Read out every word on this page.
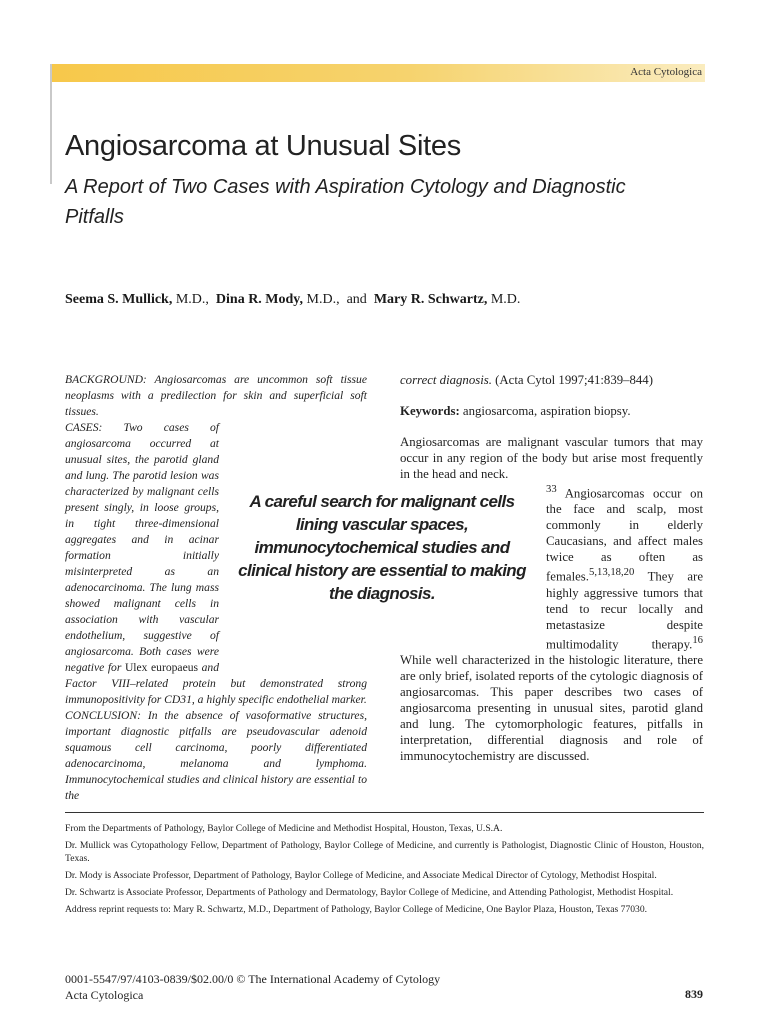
Acta Cytologica
Angiosarcoma at Unusual Sites
A Report of Two Cases with Aspiration Cytology and Diagnostic Pitfalls
Seema S. Mullick, M.D., Dina R. Mody, M.D., and Mary R. Schwartz, M.D.

BACKGROUND: Angiosarcomas are uncommon soft tissue neoplasms with a predilection for skin and superficial soft tissues.

CASES: Two cases of angiosarcoma occurred at unusual sites, the parotid gland and lung. The parotid lesion was characterized by malignant cells present singly, in loose groups, in tight three-dimensional aggregates and in acinar formation initially misinterpreted as an adenocarcinoma. The lung mass showed malignant cells in association with vascular endothelium, suggestive of angiosarcoma. Both cases were negative for Ulex europaeus and Factor VIII–related protein but demonstrated strong immunopositivity for CD31, a highly specific endothelial marker.

CONCLUSION: In the absence of vasoformative structures, important diagnostic pitfalls are pseudovascular adenoid squamous cell carcinoma, poorly differentiated adenocarcinoma, melanoma and lymphoma. Immunocytochemical studies and clinical history are essential to the

A careful search for malignant cells
lining vascular spaces,
immunocytochemical studies and
clinical history are essential to making
the diagnosis.

correct diagnosis. (Acta Cytol 1997;41:839–844)

Keywords: angiosarcoma, aspiration biopsy.

Angiosarcomas are malignant vascular tumors that may occur in any region of the body but arise most frequently in the head and neck.

$^{33}$ Angiosarcomas occur on the face and scalp, most commonly in elderly Caucasians, and affect males twice as often as females.$^{5,13,18,20}$ They are highly aggressive tumors that tend to recur locally and metastasize despite multimodality therapy.$^{16}$ While well characterized in the histologic literature, there are only brief, isolated reports of the cytologic diagnosis of angiosarcomas. This paper describes two cases of angiosarcoma presenting in unusual sites, parotid gland and lung. The cytomorphologic features, pitfalls in interpretation, differential diagnosis and role of immunocytochemistry are discussed.

From the Departments of Pathology, Baylor College of Medicine and Methodist Hospital, Houston, Texas, U.S.A.

Dr. Mullick was Cytopathology Fellow, Department of Pathology, Baylor College of Medicine, and currently is Pathologist, Diagnostic Clinic of Houston, Houston, Texas.

Dr. Mody is Associate Professor, Department of Pathology, Baylor College of Medicine, and Associate Medical Director of Cytology, Methodist Hospital.

Dr. Schwartz is Associate Professor, Departments of Pathology and Dermatology, Baylor College of Medicine, and Attending Pathologist, Methodist Hospital.

Address reprint requests to: Mary R. Schwartz, M.D., Department of Pathology, Baylor College of Medicine, One Baylor Plaza, Houston, Texas 77030.

0001-5547/97/4103-0839/$02.00/0 © The International Academy of Cytology
Acta Cytologica	839
